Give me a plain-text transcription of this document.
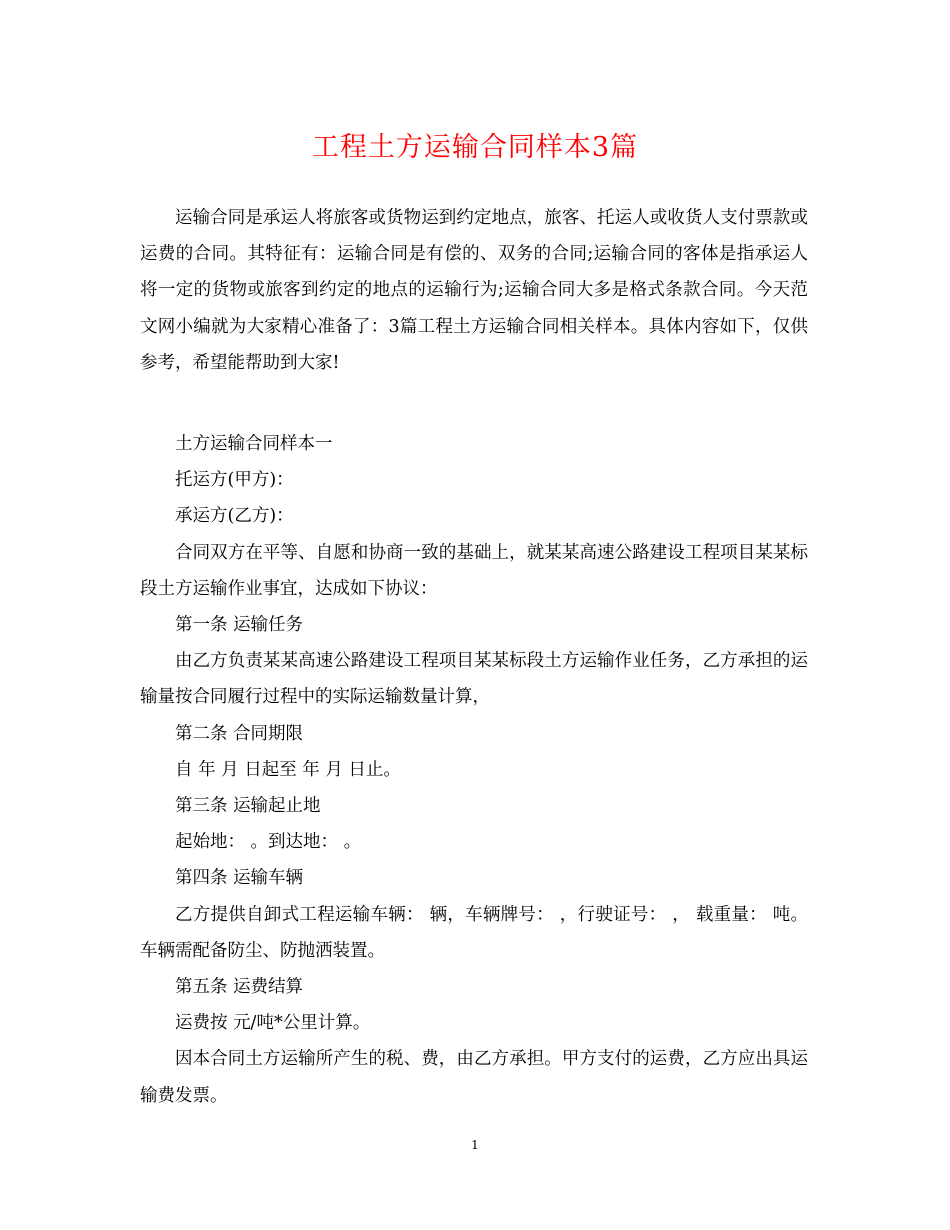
工程土方运输合同样本3篇

运输合同是承运人将旅客或货物运到约定地点，旅客、托运人或收货人支付票款或运费的合同。其特征有：运输合同是有偿的、双务的合同;运输合同的客体是指承运人将一定的货物或旅客到约定的地点的运输行为;运输合同大多是格式条款合同。今天范文网小编就为大家精心准备了：3篇工程土方运输合同相关样本。具体内容如下，仅供参考，希望能帮助到大家!

土方运输合同样本一

托运方(甲方)：

承运方(乙方)：

合同双方在平等、自愿和协商一致的基础上，就某某高速公路建设工程项目某某标段土方运输作业事宜，达成如下协议：

第一条 运输任务

由乙方负责某某高速公路建设工程项目某某标段土方运输作业任务，乙方承担的运输量按合同履行过程中的实际运输数量计算，

第二条 合同期限

自 年 月 日起至 年 月 日止。

第三条 运输起止地

起始地： 。到达地： 。

第四条 运输车辆

乙方提供自卸式工程运输车辆： 辆，车辆牌号： ，行驶证号： ， 载重量： 吨。车辆需配备防尘、防抛洒装置。

第五条 运费结算

运费按 元/吨*公里计算。

因本合同土方运输所产生的税、费，由乙方承担。甲方支付的运费，乙方应出具运输费发票。

1
